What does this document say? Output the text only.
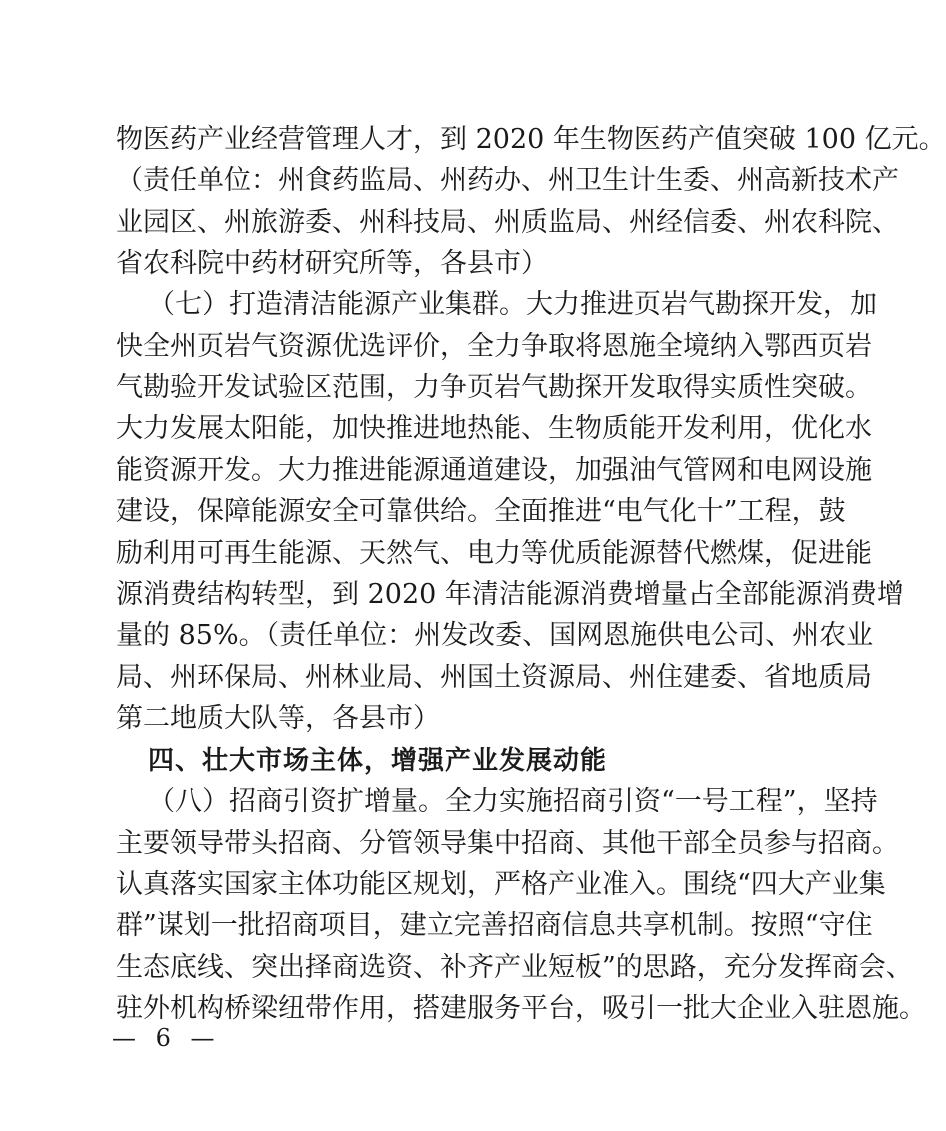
物医药产业经营管理人才，到 2020 年生物医药产值突破 100 亿元。
（责任单位：州食药监局、州药办、州卫生计生委、州高新技术产
业园区、州旅游委、州科技局、州质监局、州经信委、州农科院、
省农科院中药材研究所等，各县市）
（七）打造清洁能源产业集群。大力推进页岩气勘探开发，加
快全州页岩气资源优选评价，全力争取将恩施全境纳入鄂西页岩
气勘验开发试验区范围，力争页岩气勘探开发取得实质性突破。
大力发展太阳能，加快推进地热能、生物质能开发利用，优化水
能资源开发。大力推进能源通道建设，加强油气管网和电网设施
建设，保障能源安全可靠供给。全面推进“电气化十”工程，鼓
励利用可再生能源、天然气、电力等优质能源替代燃煤，促进能
源消费结构转型，到 2020 年清洁能源消费增量占全部能源消费增
量的 85%。（责任单位：州发改委、国网恩施供电公司、州农业
局、州环保局、州林业局、州国土资源局、州住建委、省地质局
第二地质大队等，各县市）
四、壮大市场主体，增强产业发展动能
（八）招商引资扩增量。全力实施招商引资“一号工程”，坚持
主要领导带头招商、分管领导集中招商、其他干部全员参与招商。
认真落实国家主体功能区规划，严格产业准入。围绕“四大产业集
群”谋划一批招商项目，建立完善招商信息共享机制。按照“守住
生态底线、突出择商选资、补齐产业短板”的思路，充分发挥商会、
驻外机构桥梁纽带作用，搭建服务平台，吸引一批大企业入驻恩施。
— 6 —
